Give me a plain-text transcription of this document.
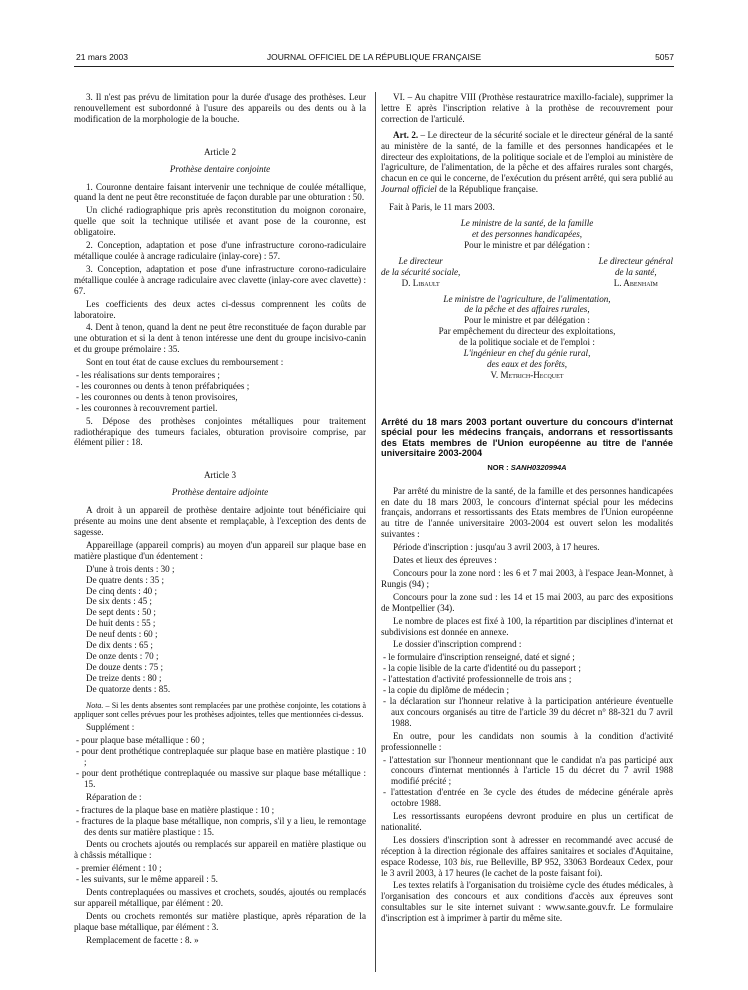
21 mars 2003	JOURNAL OFFICIEL DE LA RÉPUBLIQUE FRANÇAISE	5057

3. Il n'est pas prévu de limitation pour la durée d'usage des prothèses. Leur renouvellement est subordonné à l'usure des appareils ou des dents ou à la modification de la morphologie de la bouche.

Article 2
Prothèse dentaire conjointe

1. Couronne dentaire faisant intervenir une technique de coulée métallique, quand la dent ne peut être reconstituée de façon durable par une obturation : 50.

Un cliché radiographique pris après reconstitution du moignon coronaire, quelle que soit la technique utilisée et avant pose de la couronne, est obligatoire.

2. Conception, adaptation et pose d'une infrastructure corono-radiculaire métallique coulée à ancrage radiculaire (inlay-core) : 57.

3. Conception, adaptation et pose d'une infrastructure corono-radiculaire métallique coulée à ancrage radiculaire avec clavette (inlay-core avec clavette) : 67.

Les coefficients des deux actes ci-dessus comprennent les coûts de laboratoire.

4. Dent à tenon, quand la dent ne peut être reconstituée de façon durable par une obturation et si la dent à tenon intéresse une dent du groupe incisivo-canin et du groupe prémolaire : 35.

Sont en tout état de cause exclues du remboursement :

- les réalisations sur dents temporaires ;
- les couronnes ou dents à tenon préfabriquées ;
- les couronnes ou dents à tenon provisoires,
- les couronnes à recouvrement partiel.

5. Dépose des prothèses conjointes métalliques pour traitement radiothérapique des tumeurs faciales, obturation provisoire comprise, par élément pilier : 18.

Article 3
Prothèse dentaire adjointe

A droit à un appareil de prothèse dentaire adjointe tout bénéficiaire qui présente au moins une dent absente et remplaçable, à l'exception des dents de sagesse.

Appareillage (appareil compris) au moyen d'un appareil sur plaque base en matière plastique d'un édentement :

D'une à trois dents : 30 ;
De quatre dents : 35 ;
De cinq dents : 40 ;
De six dents : 45 ;
De sept dents : 50 ;
De huit dents : 55 ;
De neuf dents : 60 ;
De dix dents : 65 ;
De onze dents : 70 ;
De douze dents : 75 ;
De treize dents : 80 ;
De quatorze dents : 85.

Nota. – Si les dents absentes sont remplacées par une prothèse conjointe, les cotations à appliquer sont celles prévues pour les prothèses adjointes, telles que mentionnées ci-dessus.

Supplément :

- pour plaque base métallique : 60 ;
- pour dent prothétique contreplaquée sur plaque base en matière plastique : 10 ;
- pour dent prothétique contreplaquée ou massive sur plaque base métallique : 15.

Réparation de :

- fractures de la plaque base en matière plastique : 10 ;
- fractures de la plaque base métallique, non compris, s'il y a lieu, le remontage des dents sur matière plastique : 15.

Dents ou crochets ajoutés ou remplacés sur appareil en matière plastique ou à châssis métallique :

- premier élément : 10 ;
- les suivants, sur le même appareil : 5.

Dents contreplaquées ou massives et crochets, soudés, ajoutés ou remplacés sur appareil métallique, par élément : 20.

Dents ou crochets remontés sur matière plastique, après réparation de la plaque base métallique, par élément : 3.

Remplacement de facette : 8. »

VI. – Au chapitre VIII (Prothèse restauratrice maxillo-faciale), supprimer la lettre E après l'inscription relative à la prothèse de recouvrement pour correction de l'articulé.

Art. 2. – Le directeur de la sécurité sociale et le directeur général de la santé au ministère de la santé, de la famille et des personnes handicapées et le directeur des exploitations, de la politique sociale et de l'emploi au ministère de l'agriculture, de l'alimentation, de la pêche et des affaires rurales sont chargés, chacun en ce qui le concerne, de l'exécution du présent arrêté, qui sera publié au Journal officiel de la République française.

Fait à Paris, le 11 mars 2003.
Le ministre de la santé, de la famille
et des personnes handicapées,
Pour le ministre et par délégation :
Le directeur
de la sécurité sociale,
D. Libault
Le directeur général
de la santé,
L. Abenhaïm
Le ministre de l'agriculture, de l'alimentation,
de la pêche et des affaires rurales,
Pour le ministre et par délégation :
Par empêchement du directeur des exploitations,
de la politique sociale et de l'emploi :
L'ingénieur en chef du génie rural,
des eaux et des forêts,
V. Metrich-Hecquet
Arrêté du 18 mars 2003 portant ouverture du concours d'internat spécial pour les médecins français, andorrans et ressortissants des Etats membres de l'Union européenne au titre de l'année universitaire 2003-2004
NOR : SANH0320994A

Par arrêté du ministre de la santé, de la famille et des personnes handicapées en date du 18 mars 2003, le concours d'internat spécial pour les médecins français, andorrans et ressortissants des Etats membres de l'Union européenne au titre de l'année universitaire 2003-2004 est ouvert selon les modalités suivantes :

Période d'inscription : jusqu'au 3 avril 2003, à 17 heures.

Dates et lieux des épreuves :

Concours pour la zone nord : les 6 et 7 mai 2003, à l'espace Jean-Monnet, à Rungis (94) ;

Concours pour la zone sud : les 14 et 15 mai 2003, au parc des expositions de Montpellier (34).

Le nombre de places est fixé à 100, la répartition par disciplines d'internat et subdivisions est donnée en annexe.

Le dossier d'inscription comprend :

- le formulaire d'inscription renseigné, daté et signé ;
- la copie lisible de la carte d'identité ou du passeport ;
- l'attestation d'activité professionnelle de trois ans ;
- la copie du diplôme de médecin ;
- la déclaration sur l'honneur relative à la participation antérieure éventuelle aux concours organisés au titre de l'article 39 du décret n° 88-321 du 7 avril 1988.

En outre, pour les candidats non soumis à la condition d'activité professionnelle :

- l'attestation sur l'honneur mentionnant que le candidat n'a pas participé aux concours d'internat mentionnés à l'article 15 du décret du 7 avril 1988 modifié précité ;
- l'attestation d'entrée en 3e cycle des études de médecine générale après octobre 1988.

Les ressortissants européens devront produire en plus un certificat de nationalité.

Les dossiers d'inscription sont à adresser en recommandé avec accusé de réception à la direction régionale des affaires sanitaires et sociales d'Aquitaine, espace Rodesse, 103 bis, rue Belleville, BP 952, 33063 Bordeaux Cedex, pour le 3 avril 2003, à 17 heures (le cachet de la poste faisant foi).

Les textes relatifs à l'organisation du troisième cycle des études médicales, à l'organisation des concours et aux conditions d'accès aux épreuves sont consultables sur le site internet suivant : www.sante.gouv.fr. Le formulaire d'inscription est à imprimer à partir du même site.
